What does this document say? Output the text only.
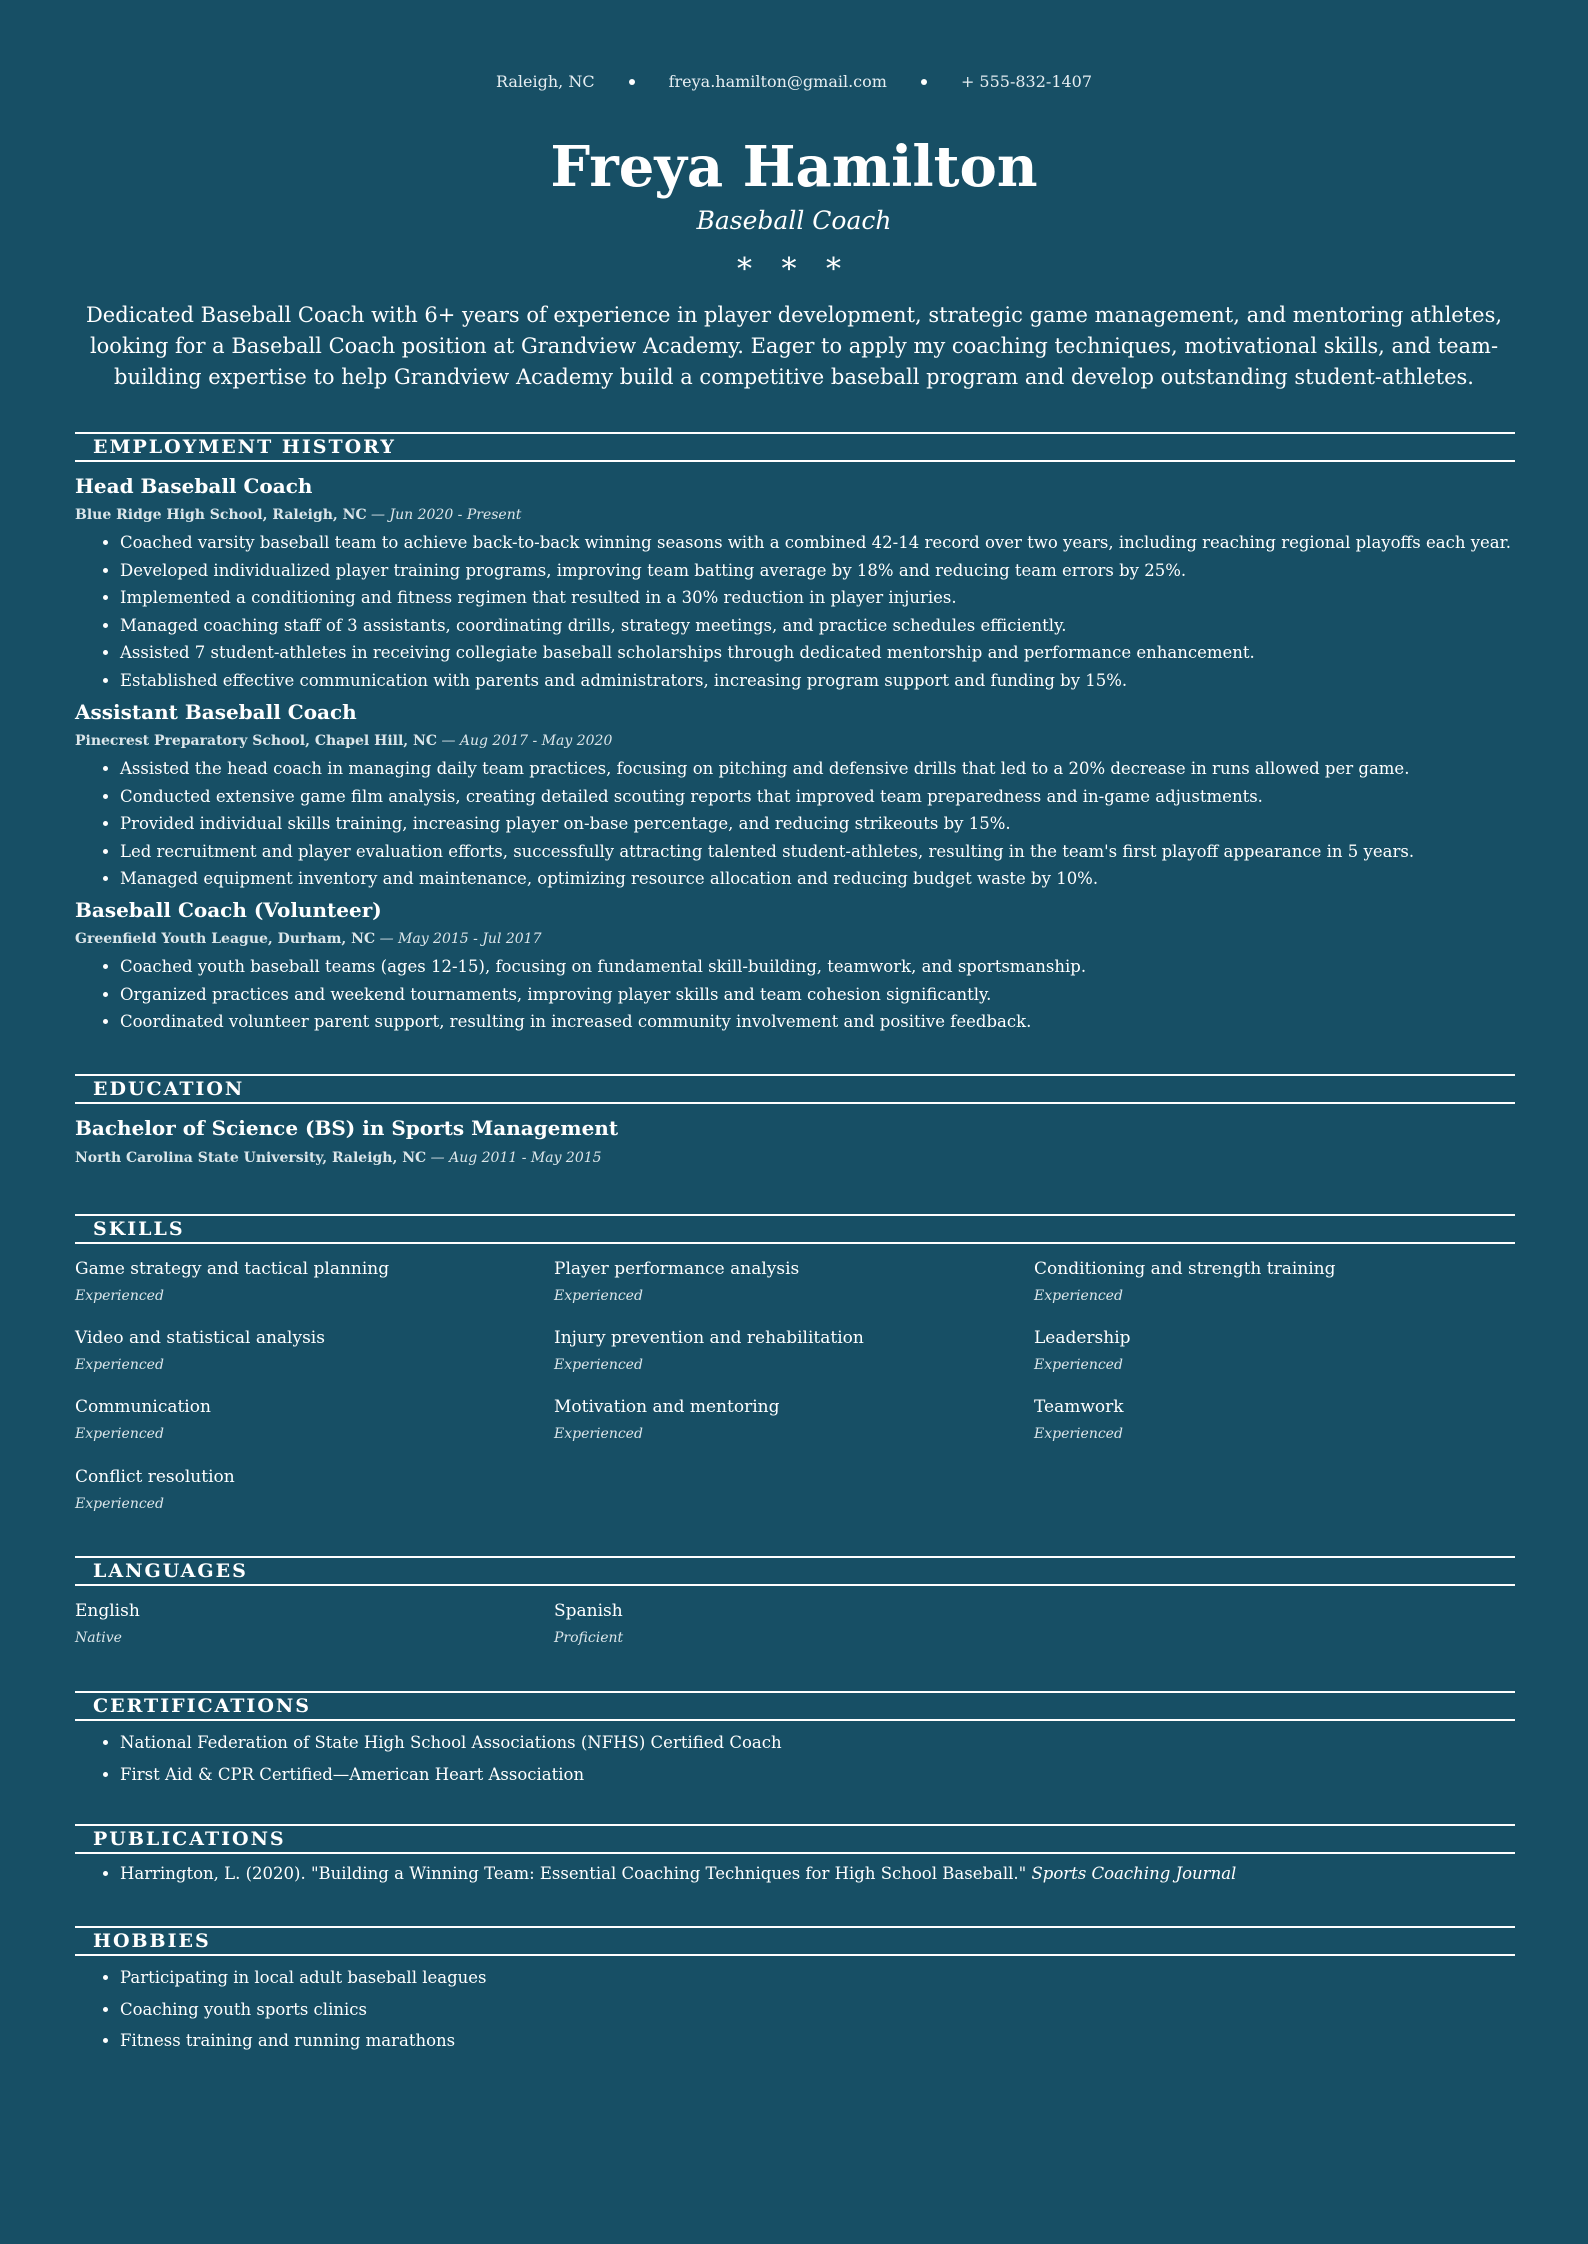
Raleigh, NC	freya.hamilton@gmail.com	+ 555-832-1407
Freya Hamilton
Baseball Coach
* * *
Dedicated Baseball Coach with 6+ years of experience in player development, strategic game management, and mentoring athletes, looking for a Baseball Coach position at Grandview Academy. Eager to apply my coaching techniques, motivational skills, and team-building expertise to help Grandview Academy build a competitive baseball program and develop outstanding student-athletes.
EMPLOYMENT HISTORY
Head Baseball Coach
Blue Ridge High School, Raleigh, NC — Jun 2020 - Present
• Coached varsity baseball team to achieve back-to-back winning seasons with a combined 42-14 record over two years, including reaching regional playoffs each year.
• Developed individualized player training programs, improving team batting average by 18% and reducing team errors by 25%.
• Implemented a conditioning and fitness regimen that resulted in a 30% reduction in player injuries.
• Managed coaching staff of 3 assistants, coordinating drills, strategy meetings, and practice schedules efficiently.
• Assisted 7 student-athletes in receiving collegiate baseball scholarships through dedicated mentorship and performance enhancement.
• Established effective communication with parents and administrators, increasing program support and funding by 15%.
Assistant Baseball Coach
Pinecrest Preparatory School, Chapel Hill, NC — Aug 2017 - May 2020
• Assisted the head coach in managing daily team practices, focusing on pitching and defensive drills that led to a 20% decrease in runs allowed per game.
• Conducted extensive game film analysis, creating detailed scouting reports that improved team preparedness and in-game adjustments.
• Provided individual skills training, increasing player on-base percentage, and reducing strikeouts by 15%.
• Led recruitment and player evaluation efforts, successfully attracting talented student-athletes, resulting in the team's first playoff appearance in 5 years.
• Managed equipment inventory and maintenance, optimizing resource allocation and reducing budget waste by 10%.
Baseball Coach (Volunteer)
Greenfield Youth League, Durham, NC — May 2015 - Jul 2017
• Coached youth baseball teams (ages 12-15), focusing on fundamental skill-building, teamwork, and sportsmanship.
• Organized practices and weekend tournaments, improving player skills and team cohesion significantly.
• Coordinated volunteer parent support, resulting in increased community involvement and positive feedback.
EDUCATION
Bachelor of Science (BS) in Sports Management
North Carolina State University, Raleigh, NC — Aug 2011 - May 2015
SKILLS
Game strategy and tactical planning
Experienced
Player performance analysis
Experienced
Conditioning and strength training
Experienced
Video and statistical analysis
Experienced
Injury prevention and rehabilitation
Experienced
Leadership
Experienced
Communication
Experienced
Motivation and mentoring
Experienced
Teamwork
Experienced
Conflict resolution
Experienced
LANGUAGES
English
Native
Spanish
Proficient
CERTIFICATIONS
• National Federation of State High School Associations (NFHS) Certified Coach
• First Aid & CPR Certified—American Heart Association
PUBLICATIONS
• Harrington, L. (2020). "Building a Winning Team: Essential Coaching Techniques for High School Baseball." Sports Coaching Journal
HOBBIES
• Participating in local adult baseball leagues
• Coaching youth sports clinics
• Fitness training and running marathons
